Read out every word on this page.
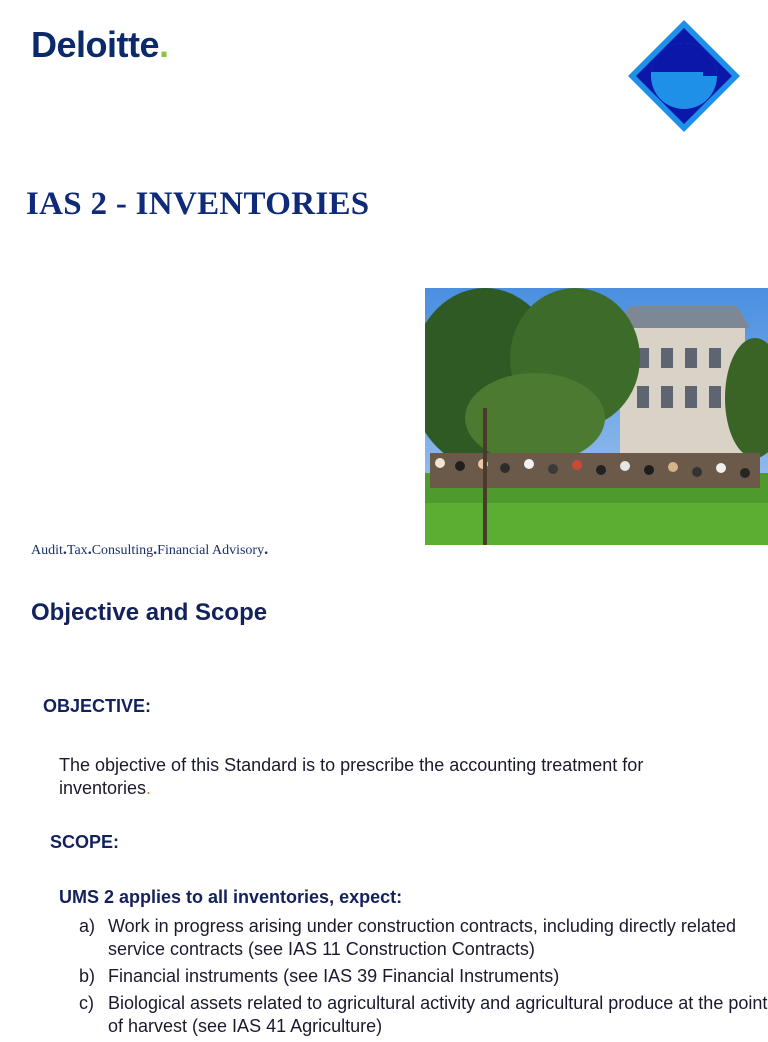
Deloitte.
IAS 2 - INVENTORIES
Audit.Tax.Consulting.Financial Advisory.
Objective and Scope
OBJECTIVE:
The objective of this Standard is to prescribe the accounting treatment for inventories.
SCOPE:
UMS 2 applies to all inventories, expect:
a) Work in progress arising under construction contracts, including directly related service contracts (see IAS 11 Construction Contracts)
b) Financial instruments (see IAS 39 Financial Instruments)
c) Biological assets related to agricultural activity and agricultural produce at the point of harvest (see IAS 41 Agriculture)
